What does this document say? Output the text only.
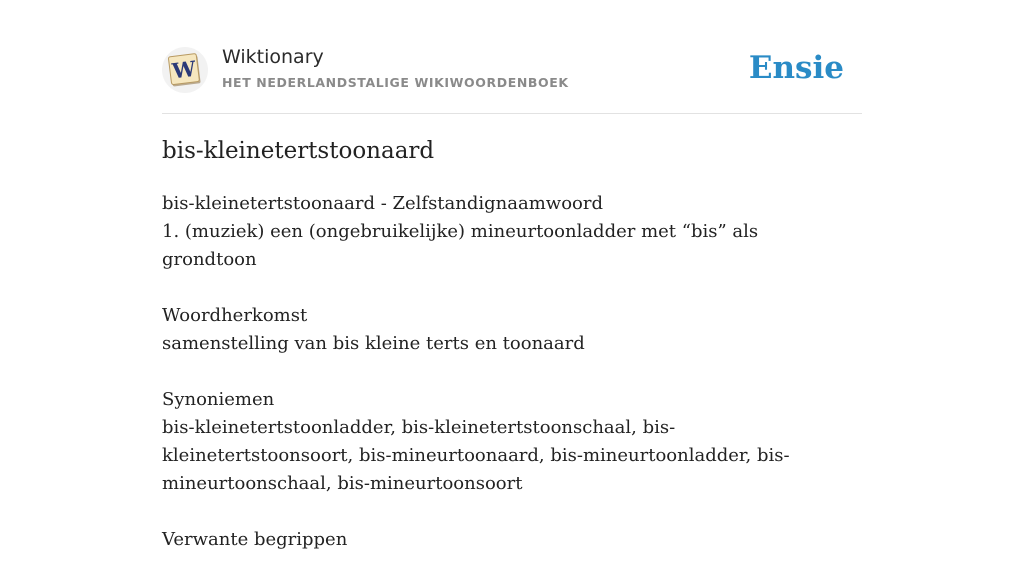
W Wiktionary
HET NEDERLANDSTALIGE WIKIWOORDENBOEK	Ensie
bis-kleinetertstoonaard

bis-kleinetertstoonaard - Zelfstandignaamwoord
1. (muziek) een (ongebruikelijke) mineurtoonladder met “bis” als grondtoon

Woordherkomst
samenstelling van bis kleine terts en toonaard

Synoniemen
bis-kleinetertstoonladder, bis-kleinetertstoonschaal, bis-kleinetertstoonsoort, bis-mineurtoonaard, bis-mineurtoonladder, bis-mineurtoonschaal, bis-mineurtoonsoort

Verwante begrippen
